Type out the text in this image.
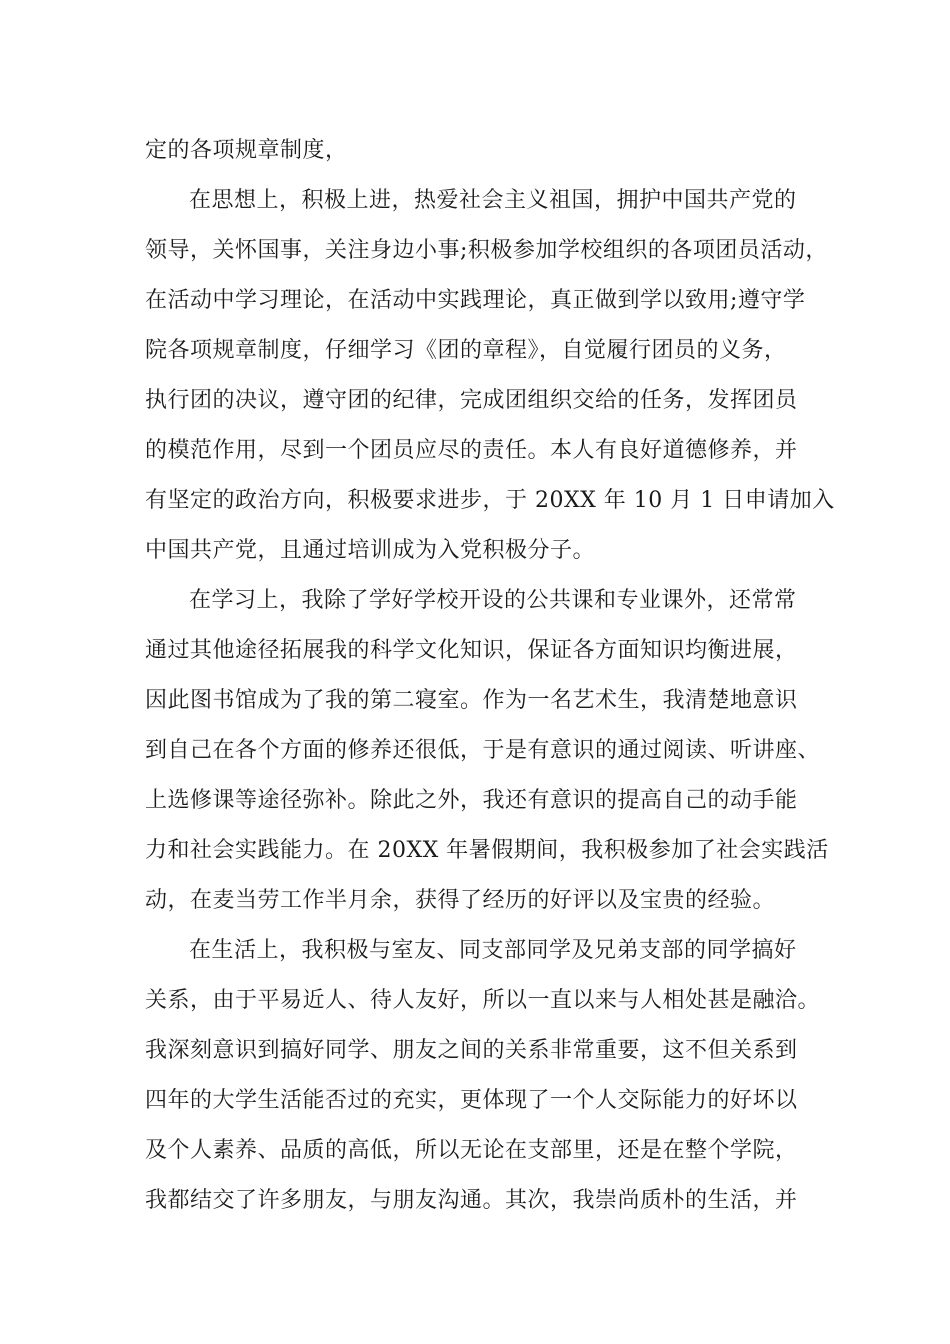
定的各项规章制度，
在思想上，积极上进，热爱社会主义祖国，拥护中国共产党的
领导，关怀国事，关注身边小事;积极参加学校组织的各项团员活动，
在活动中学习理论，在活动中实践理论，真正做到学以致用;遵守学
院各项规章制度，仔细学习《团的章程》，自觉履行团员的义务，
执行团的决议，遵守团的纪律，完成团组织交给的任务，发挥团员
的模范作用，尽到一个团员应尽的责任。本人有良好道德修养，并
有坚定的政治方向，积极要求进步，于 20XX 年 10 月 1 日申请加入
中国共产党，且通过培训成为入党积极分子。
在学习上，我除了学好学校开设的公共课和专业课外，还常常
通过其他途径拓展我的科学文化知识，保证各方面知识均衡进展，
因此图书馆成为了我的第二寝室。作为一名艺术生，我清楚地意识
到自己在各个方面的修养还很低，于是有意识的通过阅读、听讲座、
上选修课等途径弥补。除此之外，我还有意识的提高自己的动手能
力和社会实践能力。在 20XX 年暑假期间，我积极参加了社会实践活
动，在麦当劳工作半月余，获得了经历的好评以及宝贵的经验。
在生活上，我积极与室友、同支部同学及兄弟支部的同学搞好
关系，由于平易近人、待人友好，所以一直以来与人相处甚是融洽。
我深刻意识到搞好同学、朋友之间的关系非常重要，这不但关系到
四年的大学生活能否过的充实，更体现了一个人交际能力的好坏以
及个人素养、品质的高低，所以无论在支部里，还是在整个学院，
我都结交了许多朋友，与朋友沟通。其次，我崇尚质朴的生活，并
